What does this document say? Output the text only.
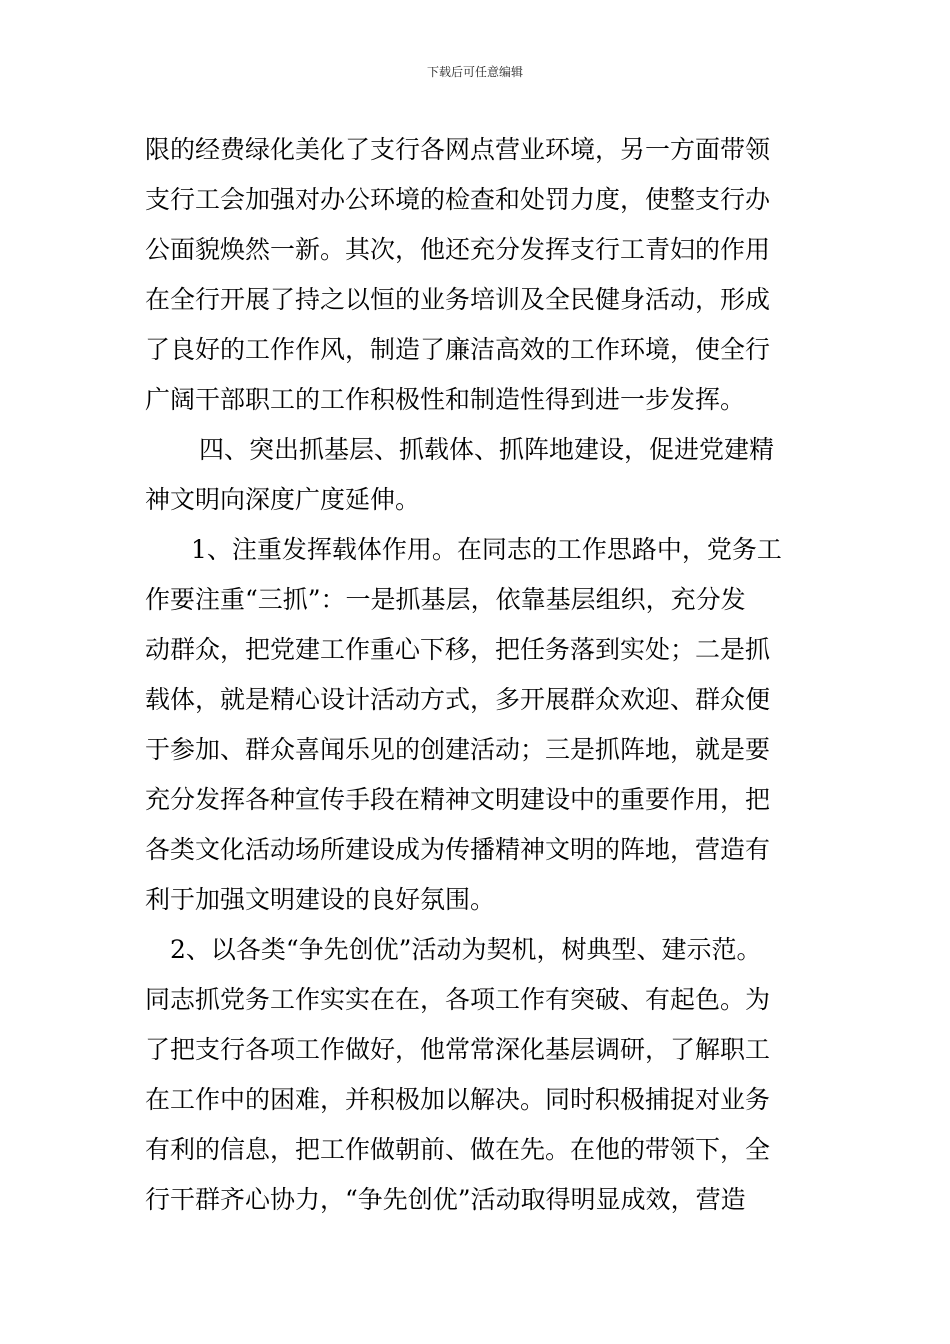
下载后可任意编辑
限的经费绿化美化了支行各网点营业环境，另一方面带领
支行工会加强对办公环境的检查和处罚力度，使整支行办
公面貌焕然一新。其次，他还充分发挥支行工青妇的作用
在全行开展了持之以恒的业务培训及全民健身活动，形成
了良好的工作作风，制造了廉洁高效的工作环境，使全行
广阔干部职工的工作积极性和制造性得到进一步发挥。
四、突出抓基层、抓载体、抓阵地建设，促进党建精
神文明向深度广度延伸。
1、注重发挥载体作用。在同志的工作思路中，党务工
作要注重“三抓”：一是抓基层，依靠基层组织，充分发
动群众，把党建工作重心下移，把任务落到实处；二是抓
载体，就是精心设计活动方式，多开展群众欢迎、群众便
于参加、群众喜闻乐见的创建活动；三是抓阵地，就是要
充分发挥各种宣传手段在精神文明建设中的重要作用，把
各类文化活动场所建设成为传播精神文明的阵地，营造有
利于加强文明建设的良好氛围。
2、以各类“争先创优”活动为契机，树典型、建示范。
同志抓党务工作实实在在，各项工作有突破、有起色。为
了把支行各项工作做好，他常常深化基层调研，了解职工
在工作中的困难，并积极加以解决。同时积极捕捉对业务
有利的信息，把工作做朝前、做在先。在他的带领下，全
行干群齐心协力，“争先创优”活动取得明显成效，营造
